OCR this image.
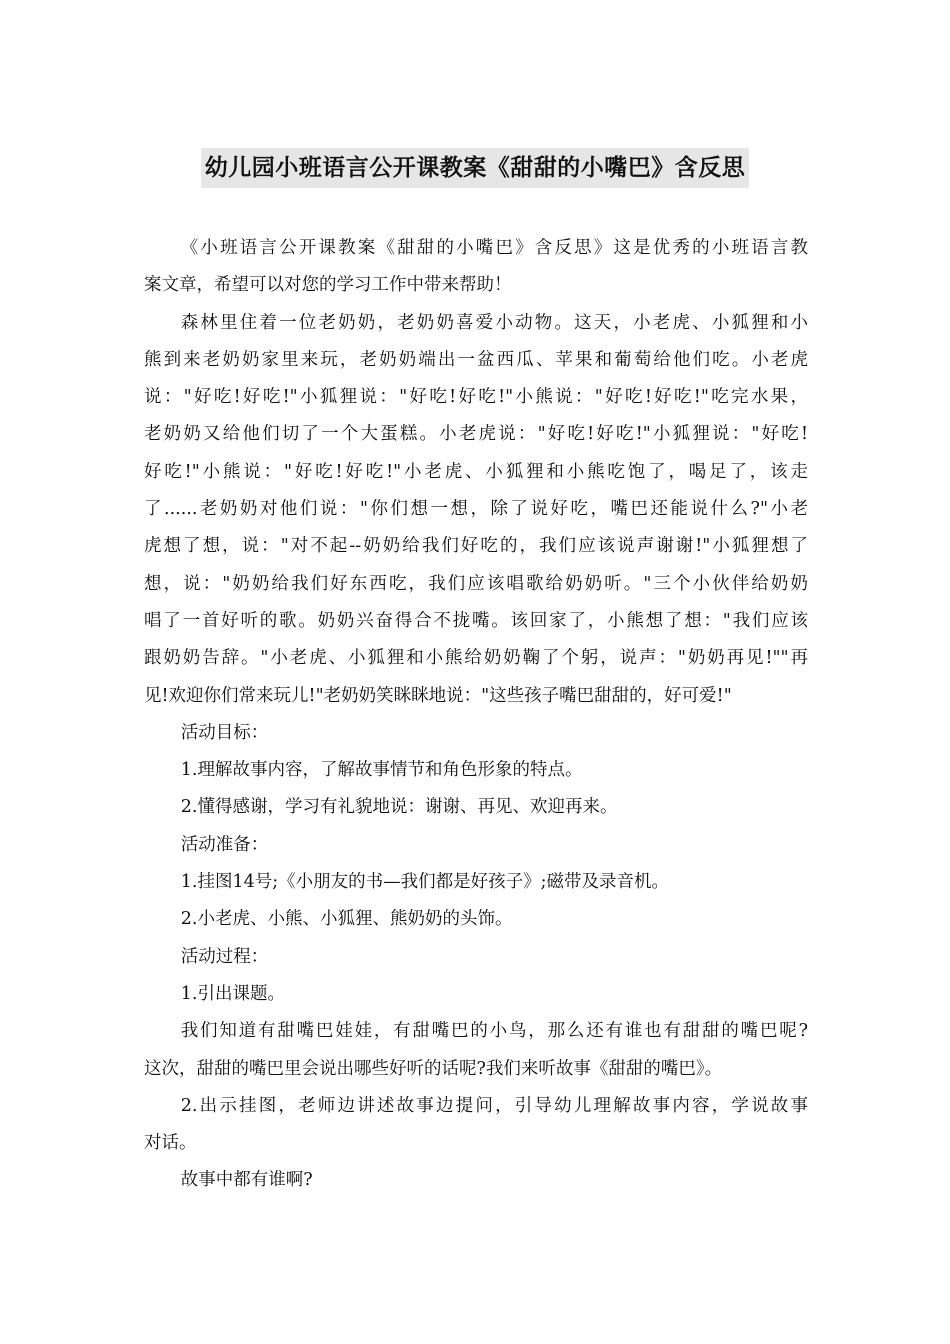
幼儿园小班语言公开课教案《甜甜的小嘴巴》含反思

《小班语言公开课教案《甜甜的小嘴巴》含反思》这是优秀的小班语言教

案文章，希望可以对您的学习工作中带来帮助！

森林里住着一位老奶奶，老奶奶喜爱小动物。这天，小老虎、小狐狸和小

熊到来老奶奶家里来玩，老奶奶端出一盆西瓜、苹果和葡萄给他们吃。小老虎

说："好吃!好吃!"小狐狸说："好吃!好吃!"小熊说："好吃!好吃!"吃完水果，

老奶奶又给他们切了一个大蛋糕。小老虎说："好吃!好吃!"小狐狸说："好吃!

好吃!"小熊说："好吃!好吃!"小老虎、小狐狸和小熊吃饱了，喝足了，该走

了......老奶奶对他们说："你们想一想，除了说好吃，嘴巴还能说什么?"小老

虎想了想，说："对不起--奶奶给我们好吃的，我们应该说声谢谢!"小狐狸想了

想，说："奶奶给我们好东西吃，我们应该唱歌给奶奶听。"三个小伙伴给奶奶

唱了一首好听的歌。奶奶兴奋得合不拢嘴。该回家了，小熊想了想："我们应该

跟奶奶告辞。"小老虎、小狐狸和小熊给奶奶鞠了个躬，说声："奶奶再见!""再

见!欢迎你们常来玩儿!"老奶奶笑眯眯地说："这些孩子嘴巴甜甜的，好可爱!"

活动目标：

1.理解故事内容，了解故事情节和角色形象的特点。

2.懂得感谢，学习有礼貌地说：谢谢、再见、欢迎再来。

活动准备：

1.挂图14号;《小朋友的书—我们都是好孩子》;磁带及录音机。

2.小老虎、小熊、小狐狸、熊奶奶的头饰。

活动过程：

1.引出课题。

我们知道有甜嘴巴娃娃，有甜嘴巴的小鸟，那么还有谁也有甜甜的嘴巴呢?

这次，甜甜的嘴巴里会说出哪些好听的话呢?我们来听故事《甜甜的嘴巴》。

2.出示挂图，老师边讲述故事边提问，引导幼儿理解故事内容，学说故事

对话。

故事中都有谁啊?
